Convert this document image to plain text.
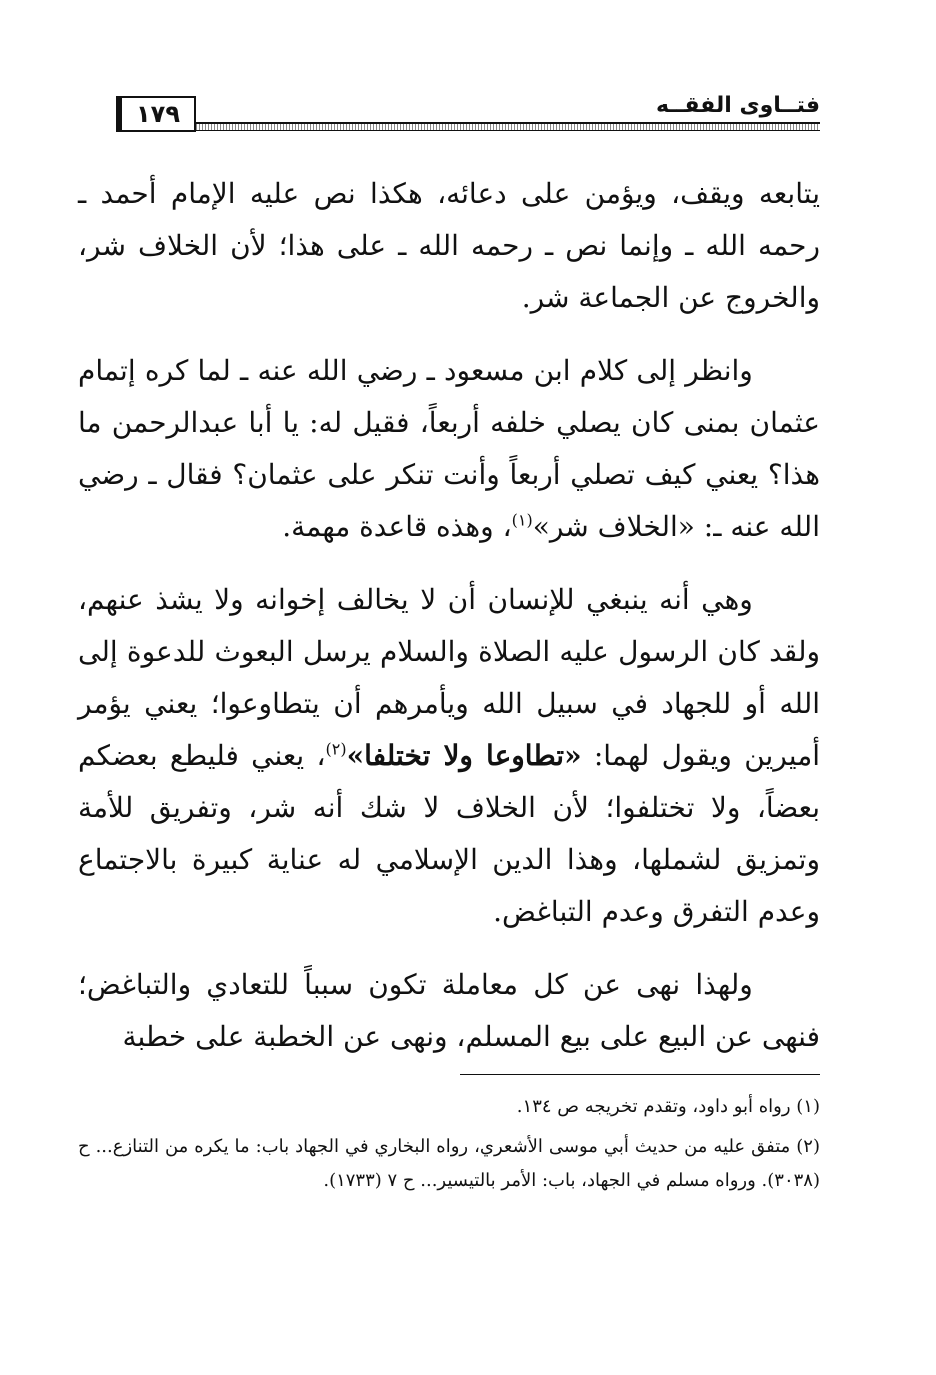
فتــاوى الفقــه
١٧٩

يتابعه ويقف، ويؤمن على دعائه، هكذا نص عليه الإمام أحمد ـ رحمه الله ـ وإنما نص ـ رحمه الله ـ على هذا؛ لأن الخلاف شر، والخروج عن الجماعة شر.

وانظر إلى كلام ابن مسعود ـ رضي الله عنه ـ لما كره إتمام عثمان بمنى كان يصلي خلفه أربعاً، فقيل له: يا أبا عبدالرحمن ما هذا؟ يعني كيف تصلي أربعاً وأنت تنكر على عثمان؟ فقال ـ رضي الله عنه ـ: «الخلاف شر»$^{(١)}$، وهذه قاعدة مهمة.

وهي أنه ينبغي للإنسان أن لا يخالف إخوانه ولا يشذ عنهم، ولقد كان الرسول عليه الصلاة والسلام يرسل البعوث للدعوة إلى الله أو للجهاد في سبيل الله ويأمرهم أن يتطاوعوا؛ يعني يؤمر أميرين ويقول لهما: «تطاوعا ولا تختلفا»$^{(٢)}$، يعني فليطع بعضكم بعضاً، ولا تختلفوا؛ لأن الخلاف لا شك أنه شر، وتفريق للأمة وتمزيق لشملها، وهذا الدين الإسلامي له عناية كبيرة بالاجتماع وعدم التفرق وعدم التباغض.

ولهذا نهى عن كل معاملة تكون سبباً للتعادي والتباغض؛ فنهى عن البيع على بيع المسلم، ونهى عن الخطبة على خطبة

(١) رواه أبو داود، وتقدم تخريجه ص ١٣٤.

(٢) متفق عليه من حديث أبي موسى الأشعري، رواه البخاري في الجهاد باب: ما يكره من التنازع... ح (٣٠٣٨). ورواه مسلم في الجهاد، باب: الأمر بالتيسير... ح ٧ (١٧٣٣).
